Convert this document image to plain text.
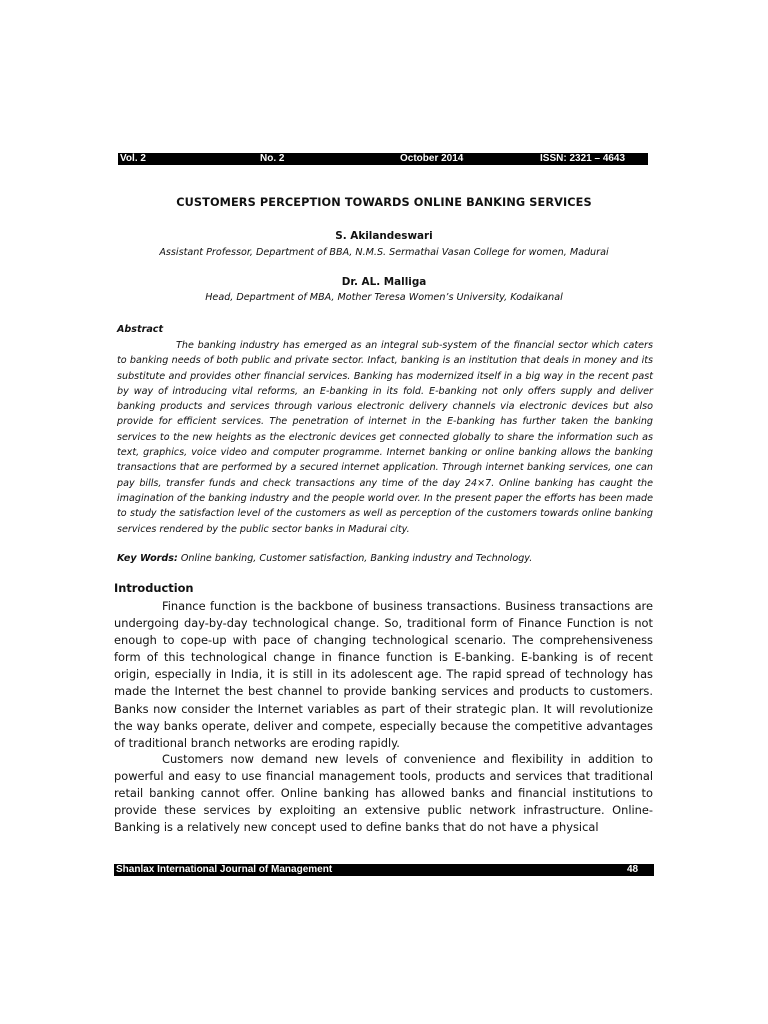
Vol. 2	No. 2	October 2014	ISSN: 2321 – 4643
CUSTOMERS PERCEPTION TOWARDS ONLINE BANKING SERVICES
S. Akilandeswari
Assistant Professor, Department of BBA, N.M.S. Sermathai Vasan College for women, Madurai
Dr. AL. Malliga
Head, Department of MBA, Mother Teresa Women’s University, Kodaikanal
Abstract

The banking industry has emerged as an integral sub-system of the financial sector which caters to banking needs of both public and private sector. Infact, banking is an institution that deals in money and its substitute and provides other financial services. Banking has modernized itself in a big way in the recent past by way of introducing vital reforms, an E-banking in its fold. E-banking not only offers supply and deliver banking products and services through various electronic delivery channels via electronic devices but also provide for efficient services. The penetration of internet in the E-banking has further taken the banking services to the new heights as the electronic devices get connected globally to share the information such as text, graphics, voice video and computer programme. Internet banking or online banking allows the banking transactions that are performed by a secured internet application. Through internet banking services, one can pay bills, transfer funds and check transactions any time of the day 24×7. Online banking has caught the imagination of the banking industry and the people world over. In the present paper the efforts has been made to study the satisfaction level of the customers as well as perception of the customers towards online banking services rendered by the public sector banks in Madurai city.

Key Words: Online banking, Customer satisfaction, Banking industry and Technology.
Introduction

Finance function is the backbone of business transactions. Business transactions are undergoing day-by-day technological change. So, traditional form of Finance Function is not enough to cope-up with pace of changing technological scenario. The comprehensiveness form of this technological change in finance function is E-banking. E-banking is of recent origin, especially in India, it is still in its adolescent age. The rapid spread of technology has made the Internet the best channel to provide banking services and products to customers. Banks now consider the Internet variables as part of their strategic plan. It will revolutionize the way banks operate, deliver and compete, especially because the competitive advantages of traditional branch networks are eroding rapidly.

Customers now demand new levels of convenience and flexibility in addition to powerful and easy to use financial management tools, products and services that traditional retail banking cannot offer. Online banking has allowed banks and financial institutions to provide these services by exploiting an extensive public network infrastructure. Online-Banking is a relatively new concept used to define banks that do not have a physical

Shanlax International Journal of Management	48
